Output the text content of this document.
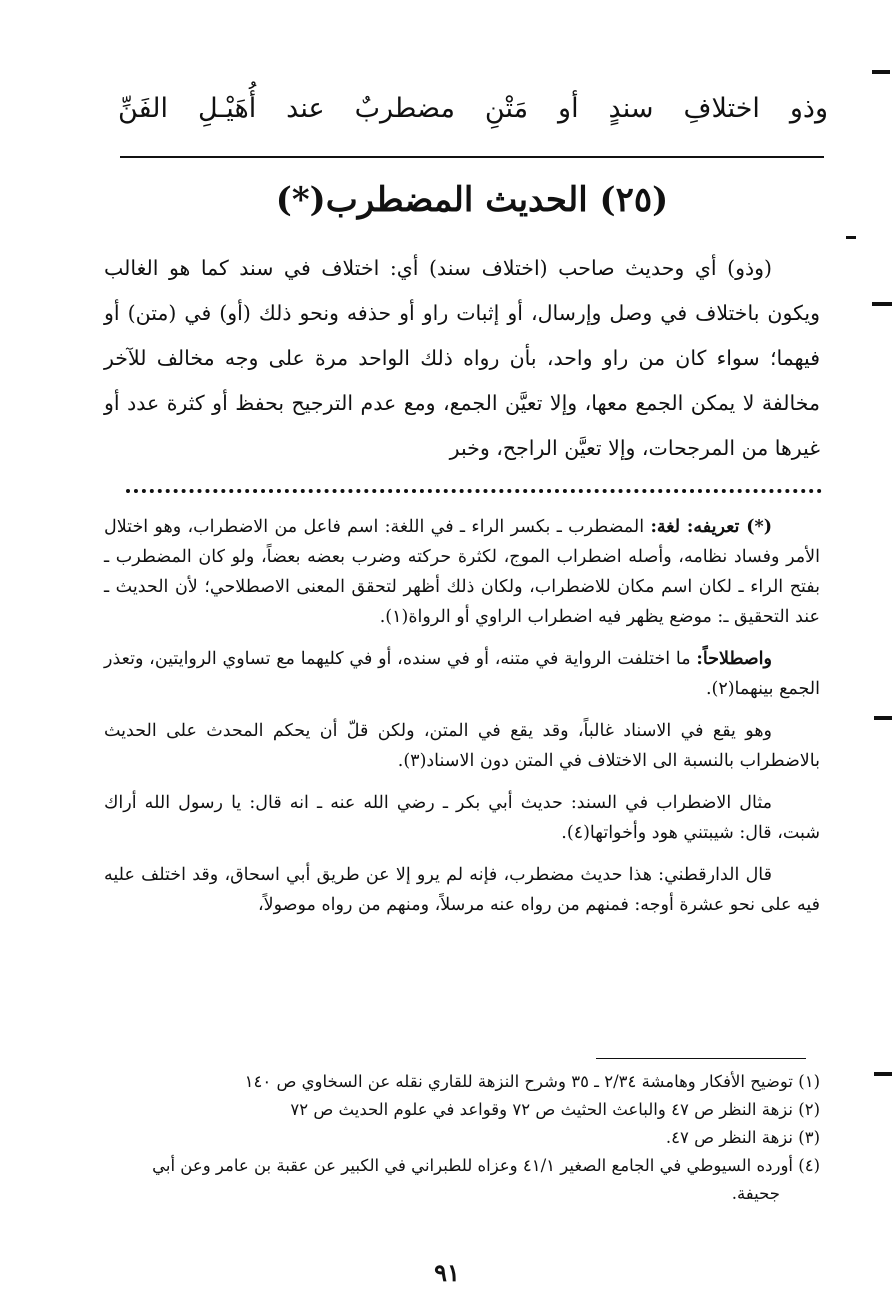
وذو
اختلافِ
سندٍ
أو
مَتْنِ
مضطربٌ
عند
أُهَيْـلِ
الفَنِّ
(٢٥) الحديث المضطرب(*)

(وذو) أي وحديث صاحب (اختلاف سند) أي: اختلاف في سند كما هو الغالب ويكون باختلاف في وصل وإرسال، أو إثبات راو أو حذفه ونحو ذلك (أو) في (متن) أو فيهما؛ سواء كان من راو واحد، بأن رواه ذلك الواحد مرة على وجه مخالف للآخر مخالفة لا يمكن الجمع معها، وإلا تعيَّن الجمع، ومع عدم الترجيح بحفظ أو كثرة عدد أو غيرها من المرجحات، وإلا تعيَّن الراجح، وخبر

(*) تعريفه: لغة: المضطرب ـ بكسر الراء ـ في اللغة: اسم فاعل من الاضطراب، وهو اختلال الأمر وفساد نظامه، وأصله اضطراب الموج، لكثرة حركته وضرب بعضه بعضاً، ولو كان المضطرب ـ بفتح الراء ـ لكان اسم مكان للاضطراب، ولكان ذلك أظهر لتحقق المعنى الاصطلاحي؛ لأن الحديث ـ عند التحقيق ـ: موضع يظهر فيه اضطراب الراوي أو الرواة(١).

واصطلاحاً: ما اختلفت الرواية في متنه، أو في سنده، أو في كليهما مع تساوي الروايتين، وتعذر الجمع بينهما(٢).

وهو يقع في الاسناد غالباً، وقد يقع في المتن، ولكن قلّ أن يحكم المحدث على الحديث بالاضطراب بالنسبة الى الاختلاف في المتن دون الاسناد(٣).

مثال الاضطراب في السند: حديث أبي بكر ـ رضي الله عنه ـ انه قال: يا رسول الله أراك شبت، قال: شيبتني هود وأخواتها(٤).

قال الدارقطني: هذا حديث مضطرب، فإنه لم يرو إلا عن طريق أبي اسحاق، وقد اختلف عليه فيه على نحو عشرة أوجه: فمنهم من رواه عنه مرسلاً، ومنهم من رواه موصولاً،

(١) توضيح الأفكار وهامشة ٢/٣٤ ـ ٣٥ وشرح النزهة للقاري نقله عن السخاوي ص ١٤٠

(٢) نزهة النظر ص ٤٧ والباعث الحثيث ص ٧٢ وقواعد في علوم الحديث ص ٧٢

(٣) نزهة النظر ص ٤٧.

(٤) أورده السيوطي في الجامع الصغير ٤١/١ وعزاه للطبراني في الكبير عن عقبة بن عامر وعن أبي

جحيفة.

٩١
